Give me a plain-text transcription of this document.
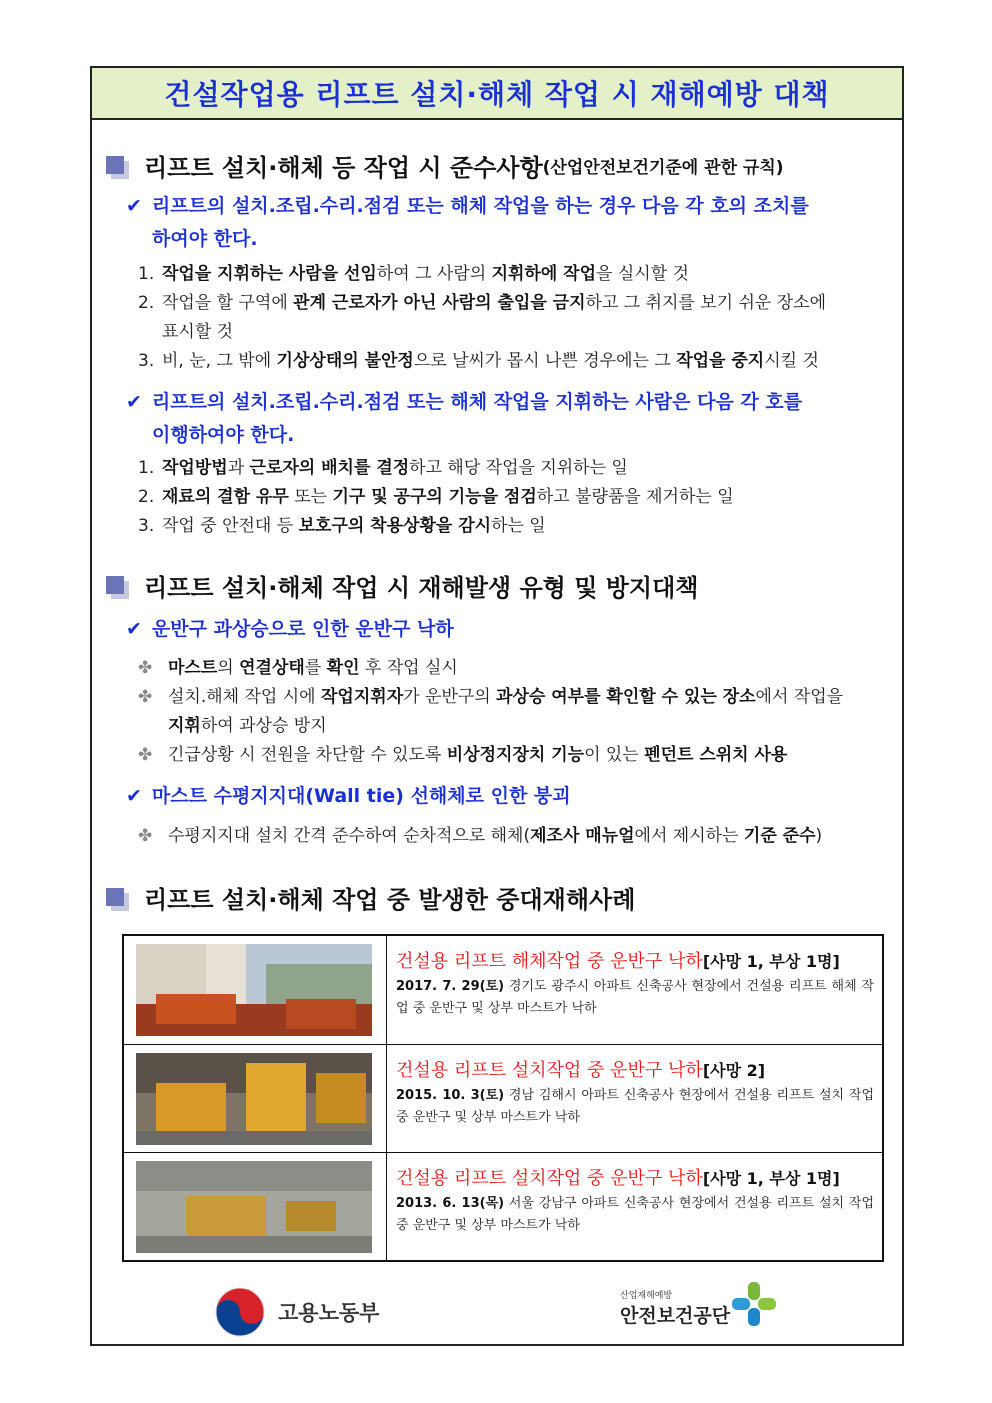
건설작업용 리프트 설치·해체 작업 시 재해예방 대책
리프트 설치·해체 등 작업 시 준수사항 (산업안전보건기준에 관한 규칙)
✔ 리프트의 설치.조립.수리.점검 또는 해체 작업을 하는 경우 다음 각 호의 조치를
하여야 한다.
1. 작업을 지휘하는 사람을 선임하여 그 사람의 지휘하에 작업을 실시할 것
2. 작업을 할 구역에 관계 근로자가 아닌 사람의 출입을 금지하고 그 취지를 보기 쉬운 장소에
표시할 것
3. 비, 눈, 그 밖에 기상상태의 불안정으로 날씨가 몹시 나쁜 경우에는 그 작업을 중지시킬 것
✔ 리프트의 설치.조립.수리.점검 또는 해체 작업을 지휘하는 사람은 다음 각 호를
이행하여야 한다.
1. 작업방법과 근로자의 배치를 결정하고 해당 작업을 지위하는 일
2. 재료의 결함 유무 또는 기구 및 공구의 기능을 점검하고 불량품을 제거하는 일
3. 작업 중 안전대 등 보호구의 착용상황을 감시하는 일
리프트 설치·해체 작업 시 재해발생 유형 및 방지대책
✔ 운반구 과상승으로 인한 운반구 낙하
✤ 마스트의 연결상태를 확인 후 작업 실시
✤ 설치.해체 작업 시에 작업지휘자가 운반구의 과상승 여부를 확인할 수 있는 장소에서 작업을
지휘하여 과상승 방지
✤ 긴급상황 시 전원을 차단할 수 있도록 비상정지장치 기능이 있는 펜던트 스위치 사용
✔ 마스트 수평지지대(Wall tie) 선해체로 인한 붕괴
✤ 수평지지대 설치 간격 준수하여 순차적으로 해체(제조사 매뉴얼에서 제시하는 기준 준수)
리프트 설치·해체 작업 중 발생한 중대재해사례
건설용 리프트 해체작업 중 운반구 낙하[사망 1, 부상 1명]
2017. 7. 29(토) 경기도 광주시 아파트 신축공사 현장에서 건설용 리프트 해체 작업 중 운반구 및 상부 마스트가 낙하
건설용 리프트 설치작업 중 운반구 낙하[사망 2]
2015. 10. 3(토) 경남 김해시 아파트 신축공사 현장에서 건설용 리프트 설치 작업 중 운반구 및 상부 마스트가 낙하
건설용 리프트 설치작업 중 운반구 낙하[사망 1, 부상 1명]
2013. 6. 13(목) 서울 강남구 아파트 신축공사 현장에서 건설용 리프트 설치 작업 중 운반구 및 상부 마스트가 낙하
고용노동부
산업재해예방
안전보건공단
